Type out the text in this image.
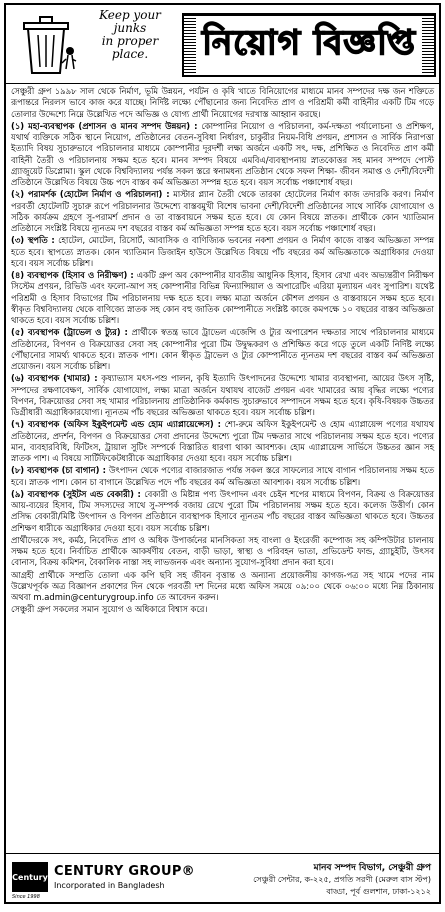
Keep your
junks
in proper
place.	নিয়োগ বিজ্ঞপ্তি

সেঞ্চুরী গ্রুপ ১৯৯৮ সাল থেকে নির্মাণ, ভূমি উন্নয়ন, পর্যটন ও কৃষি খাতে বিনিয়োগের মাধ্যমে মানব সম্পদের দক্ষ জন শক্তিতে রূপান্তরে নিরলস ভাবে কাজ করে যাচ্ছে। নির্দিষ্ট লক্ষ্যে পৌঁছানোর জন্য নিবেদিত প্রাণ ও পরিশ্রমী কর্মী বাহিনীর একটি টিম গড়ে তোলার উদ্দেশ্যে নিম্নে উল্লেখিত পদে অভিজ্ঞ ও যোগ্য প্রার্থী নিয়োগের দরখাস্ত আহ্বান করছে।

(১) মহা-ব্যবস্থাপক (প্রশাসন ও মানব সম্পদ উন্নয়ন) : কোম্পানির নিয়োগ ও পরিচালনা, কর্ম-দক্ষতা পর্যালোচনা ও প্রশিক্ষণ, যথার্থ ব্যক্তিকে সঠিক স্থানে নিয়োগ, প্রতিষ্ঠানের বেতন-সুবিধা নির্ধারণ, চাকুরীর নিয়ম-বিধি প্রণয়ন, প্রশাসন ও সার্বিক নিরাপত্তা ইত্যাদি বিষয় সুচারুভাবে পরিচালনার মাধ্যমে কোম্পানীর দূরদর্শী লক্ষ্য অর্জনে একটি সৎ, দক্ষ, প্রশিক্ষিত ও নিবেদিত প্রাণ কর্মী বাহিনী তৈরী ও পরিচালনায় সক্ষম হতে হবে। মানব সম্পদ বিষয়ে এমবিএ/ব্যবস্থাপনায় স্নাতকোত্তর সহ মানব সম্পদে পোস্ট গ্র্যাজুয়েট ডিপ্লোমা। স্কুল থেকে বিশ্ববিদ্যালয় পর্যন্ত সকল স্তরে স্বনামধন্য প্রতিষ্ঠান থেকে সফল শিক্ষা- জীবন সমাপ্ত ও দেশী/বিদেশী প্রতিষ্ঠানে উল্লেখিত বিষয়ে উচ্চ পদে বাস্তব কর্ম অভিজ্ঞতা সম্পন্ন হতে হবে। বয়স সর্বোচ্চ পঞ্চাশোর্ধ বছর।

(২) পরামর্শক (হোটেল নির্মাণ ও পরিচালনা) : মাস্টার প্ল্যান তৈরী থেকে তারকা হোটেলের নির্মাণ কাজ তদারকি করণ। নির্মাণ পরবর্তী হোটেলটি সুচারু রূপে পরিচালনার উদ্দেশ্যে বাস্তবমুখী বিশেষ ভাবনা দেশী/বিদেশী প্রতিষ্ঠানের সাথে সার্বিক যোগাযোগ ও সঠিক কার্যক্রম গ্রহণে সু-পরামর্শ প্রদান ও তা বাস্তবায়নে সক্ষম হতে হবে। যে কোন বিষয়ে স্নাতক। প্রার্থীকে কোন খ্যাতিমান প্রতিষ্ঠানে সংশ্লিষ্ট বিষয়ে ন্যূনতম দশ বছরের বাস্তব কর্ম অভিজ্ঞতা সম্পন্ন হতে হবে। বয়স সর্বোচ্চ পঞ্চাশোর্ধ বছর।

(৩) স্থপতি : হোটেল, মোটেল, রিসোর্ট, আবাসিক ও বাণিজ্যিক ভবনের নকশা প্রণয়ন ও নির্মাণ কাজে বাস্তব অভিজ্ঞতা সম্পন্ন হতে হবে। স্থাপত্যে স্নাতক। কোন খ্যাতিমান ডিজাইন হাউসে উল্লেখিত বিষয়ে পাঁচ বছরের কর্ম অভিজ্ঞতাকে অগ্রাধিকার দেওয়া হবে। বয়স সর্বোচ্চ চল্লিশ।

(৪) ব্যবস্থাপক (হিসাব ও নিরীক্ষণ) : একটি গ্রুপ অব কোম্পানীর যাবতীয় আধুনিক হিসাব, হিসাব রেখা এবং অভ্যন্তরীণ নিরীক্ষণ সিস্টেম প্রণয়ন, রিভিউ এবং ফলো-আপ সহ কোম্পানীর বিভিন্ন ফিন্যান্সিয়াল ও অপারেটিং এরিয়া মূল্যায়ন এবং সুপারিশ। যথেষ্ট পরিশ্রমী ও হিসাব বিভাগের টিম পরিচালনায় দক্ষ হতে হবে। লক্ষ্য মাত্রা অর্জনে কৌশল প্রণয়ন ও বাস্তবায়নে সক্ষম হতে হবে। স্বীকৃত বিশ্ববিদ্যালয় থেকে বাণিজ্যে স্নাতক সহ কোন বহু জাতিক কোম্পানীতে সংশ্লিষ্ট কাজে কমপক্ষে ১০ বছরের বাস্তব অভিজ্ঞতা থাকতে হবে। বয়স সর্বোচ্চ চল্লিশ।

(৫) ব্যবস্থাপক (ট্রাভেল ও ট্যুর) : প্রার্থীকে স্বতন্ত্র ভাবে ট্রাভেল এজেন্সি ও ট্যুর অপারেশন দক্ষতার সাথে পরিচালনার মাধ্যমে প্রতিষ্ঠানের, বিপণন ও বিক্রয়োত্তর সেবা সহ কোম্পানীর পুরো টিম উদ্বুদ্ধকরণ ও প্রশিক্ষিত করে গড়ে তুলে একটি নির্দিষ্ট লক্ষ্যে পৌঁছানোর সামর্থ্য থাকতে হবে। স্নাতক পাশ। কোন স্বীকৃত ট্রাভেল ও ট্যুর কোম্পানীতে ন্যূনতম দশ বছরের বাস্তব কর্ম অভিজ্ঞতা প্রয়োজন। বয়স সর্বোচ্চ চল্লিশ।

(৬) ব্যবস্থাপক (খামার) : কৃষ্যাভ্যাস মৎস-পশু পালন, কৃষি ইত্যাদি উৎপাদনের উদ্দেশ্যে খামার ব্যবস্থাপনা, আয়ের উৎস সৃষ্টি, সম্পদের রক্ষণাবেক্ষণ, সার্বিক যোগাযোগ, লক্ষ্য মাত্রা অর্জনে যথাযথ বাজেট প্রণয়ন এবং খামারের আয় বৃদ্ধির লক্ষ্যে পণ্যের বিপণন, বিক্রয়োত্তর সেবা সহ খামার পরিচালনায় প্রাতিষ্ঠানিক কর্মকান্ড সুচারুভাবে সম্পাদনে সক্ষম হতে হবে। কৃষি-বিষয়ক উচ্চতর ডিগ্রীধারী অগ্রাধিকারযোগ্য। ন্যূনতম পাঁচ বছরের অভিজ্ঞতা থাকতে হবে। বয়স সর্বোচ্চ চল্লিশ।

(৭) ব্যবস্থাপক (অফিস ইকুইপমেন্ট এন্ড হোম এ্যাপ্লায়েন্সেস) : শো-রুমে অফিস ইকুইপমেন্ট ও হোম এ্যাপ্লায়েন্স পণ্যের যথাযথ প্রতিষ্ঠানের, প্রদর্শন, বিপণন ও বিক্রয়োত্তর সেবা প্রদানের উদ্দেশ্যে পুরো টিম দক্ষতার সাথে পরিচালনায় সক্ষম হতে হবে। পণ্যের মান, ব্যবহারবিধি, ফিটিংস, ট্রায়াল সুটিং সম্পর্কে বিস্তারিত ধারণা থাকা আবশ্যক। হোম এ্যাপ্লায়েন্স সার্ভিসে উচ্চতর জ্ঞান সহ স্নাতক পাশ। এ বিষয়ে সার্টিফিকেটধারীকে অগ্রাধিকার দেওয়া হবে। বয়স সর্বোচ্চ চল্লিশ।

(৮) ব্যবস্থাপক (চা বাগান) : উৎপাদন থেকে পণ্যের বাজারজাত পর্যন্ত সকল স্তরে সাফল্যের সাথে বাগান পরিচালনায় সক্ষম হতে হবে। স্নাতক পাশ। কোন চা বাগানে উল্লেখিত পদে পাঁচ বছরের কর্ম অভিজ্ঞতা আবশ্যক। বয়স সর্বোচ্চ চল্লিশ।

(৯) ব্যবস্থাপক (সুইটস এন্ড বেকারী) : বেকারী ও মিষ্টান্ন পণ্য উৎপাদন এবং চেইন শপের মাধ্যমে বিপণন, বিক্রয় ও বিক্রয়োত্তর আয়-ব্যয়ের হিসাব, টিম সদস্যদের সাথে সু-সম্পর্ক বজায় রেখে পুরো টিম পরিচালনায় সক্ষম হতে হবে। কলেজ উত্তীর্ণ। কোন প্রসিদ্ধ বেকারী/মিষ্টি উৎপাদন ও বিপণন প্রতিষ্ঠানে ব্যবস্থাপক হিসাবে ন্যূনতম পাঁচ বছরের বাস্তব অভিজ্ঞতা থাকতে হবে। উচ্চতর প্রশিক্ষণ ধারীকে অগ্রাধিকার দেওয়া হবে। বয়স সর্বোচ্চ চল্লিশ।

প্রার্থীদেরকে সৎ, কর্মঠ, নিবেদিত প্রাণ ও অধিক উপার্জনের মানসিকতা সহ বাংলা ও ইংরেজী কম্পোজ সহ কম্পিউটার চালনায় সক্ষম হতে হবে। নির্বাচিত প্রার্থীকে আকর্ষণীয় বেতন, বাড়ী ভাড়া, স্বাস্থ্য ও পরিবহন ভাতা, প্রভিডেন্ট ফান্ড, গ্র্যাচুইটি, উৎসব বোনাস, বিক্রয় কমিশন, বৈকালিক নাস্তা সহ লাভজনক এবং অন্যান্য সুযোগ-সুবিধা প্রদান করা হবে।

আগ্রহী প্রার্থীকে সম্প্রতি তোলা এক কপি ছবি সহ জীবন বৃত্তান্ত ও অন্যান্য প্রয়োজনীয় কাগজ-পত্র সহ খামে পদের নাম উল্লেখপূর্বক অত্র বিজ্ঞাপন প্রকাশের দিন থেকে পরবর্তী দশ দিনের মধ্যে অফিস সময়ে ০৯:০০ থেকে ০৬:০০ মধ্যে নিম্ন ঠিকানায় অথবা m.admin@centurygroup.info তে আবেদন করুন।

সেঞ্চুরী গ্রুপ সকলের সমান সুযোগ ও অধিকারে বিশ্বাস করে।

Century
Since 1998
CENTURY GROUP®
Incorporated in Bangladesh
মানব সম্পদ বিভাগ, সেঞ্চুরী গ্রুপ
সেঞ্চুরী সেন্টার, ক-২২৫, প্রগতি সরণী (মেরুল বাস স্টপ)
বাড্ডা, পূর্ব গুলশান, ঢাকা-১২১২
